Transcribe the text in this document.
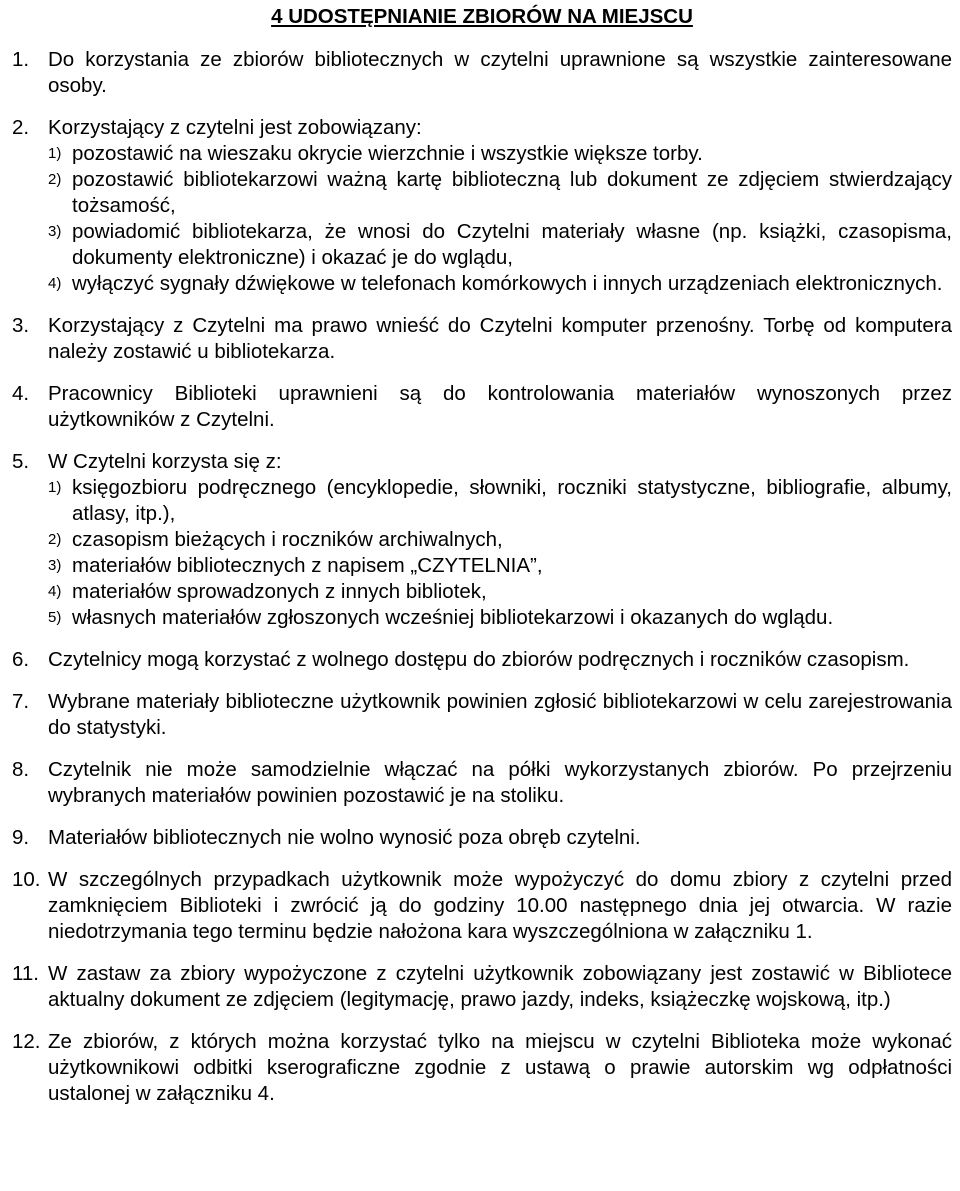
4 UDOSTĘPNIANIE ZBIORÓW NA MIEJSCU
1. Do korzystania ze zbiorów bibliotecznych w czytelni uprawnione są wszystkie zainteresowane osoby.
2. Korzystający z czytelni jest zobowiązany:
1) pozostawić na wieszaku okrycie wierzchnie i wszystkie większe torby.
2) pozostawić bibliotekarzowi ważną kartę biblioteczną lub dokument ze zdjęciem stwierdzający tożsamość,
3) powiadomić bibliotekarza, że wnosi do Czytelni materiały własne (np. książki, czasopisma, dokumenty elektroniczne) i okazać je do wglądu,
4) wyłączyć sygnały dźwiękowe w telefonach komórkowych i innych urządzeniach elektronicznych.
3. Korzystający z Czytelni ma prawo wnieść do Czytelni komputer przenośny. Torbę od komputera należy zostawić u bibliotekarza.
4. Pracownicy Biblioteki uprawnieni są do kontrolowania materiałów wynoszonych przez użytkowników z Czytelni.
5. W Czytelni korzysta się z:
1) księgozbioru podręcznego (encyklopedie, słowniki, roczniki statystyczne, bibliografie, albumy, atlasy, itp.),
2) czasopism bieżących i roczników archiwalnych,
3) materiałów bibliotecznych z napisem „CZYTELNIA”,
4) materiałów sprowadzonych z innych bibliotek,
5) własnych materiałów zgłoszonych wcześniej bibliotekarzowi i okazanych do wglądu.
6. Czytelnicy mogą korzystać z wolnego dostępu do zbiorów podręcznych i roczników czasopism.
7. Wybrane materiały biblioteczne użytkownik powinien zgłosić bibliotekarzowi w celu zarejestrowania do statystyki.
8. Czytelnik nie może samodzielnie włączać na półki wykorzystanych zbiorów. Po przejrzeniu wybranych materiałów powinien pozostawić je na stoliku.
9. Materiałów bibliotecznych nie wolno wynosić poza obręb czytelni.
10. W szczególnych przypadkach użytkownik może wypożyczyć do domu zbiory z czytelni przed zamknięciem Biblioteki i zwrócić ją do godziny 10.00 następnego dnia jej otwarcia. W razie niedotrzymania tego terminu będzie nałożona kara wyszczególniona w załączniku 1.
11. W zastaw za zbiory wypożyczone z czytelni użytkownik zobowiązany jest zostawić w Bibliotece aktualny dokument ze zdjęciem (legitymację, prawo jazdy, indeks, książeczkę wojskową, itp.)
12. Ze zbiorów, z których można korzystać tylko na miejscu w czytelni Biblioteka może wykonać użytkownikowi odbitki kserograficzne zgodnie z ustawą o prawie autorskim wg odpłatności ustalonej w załączniku 4.
